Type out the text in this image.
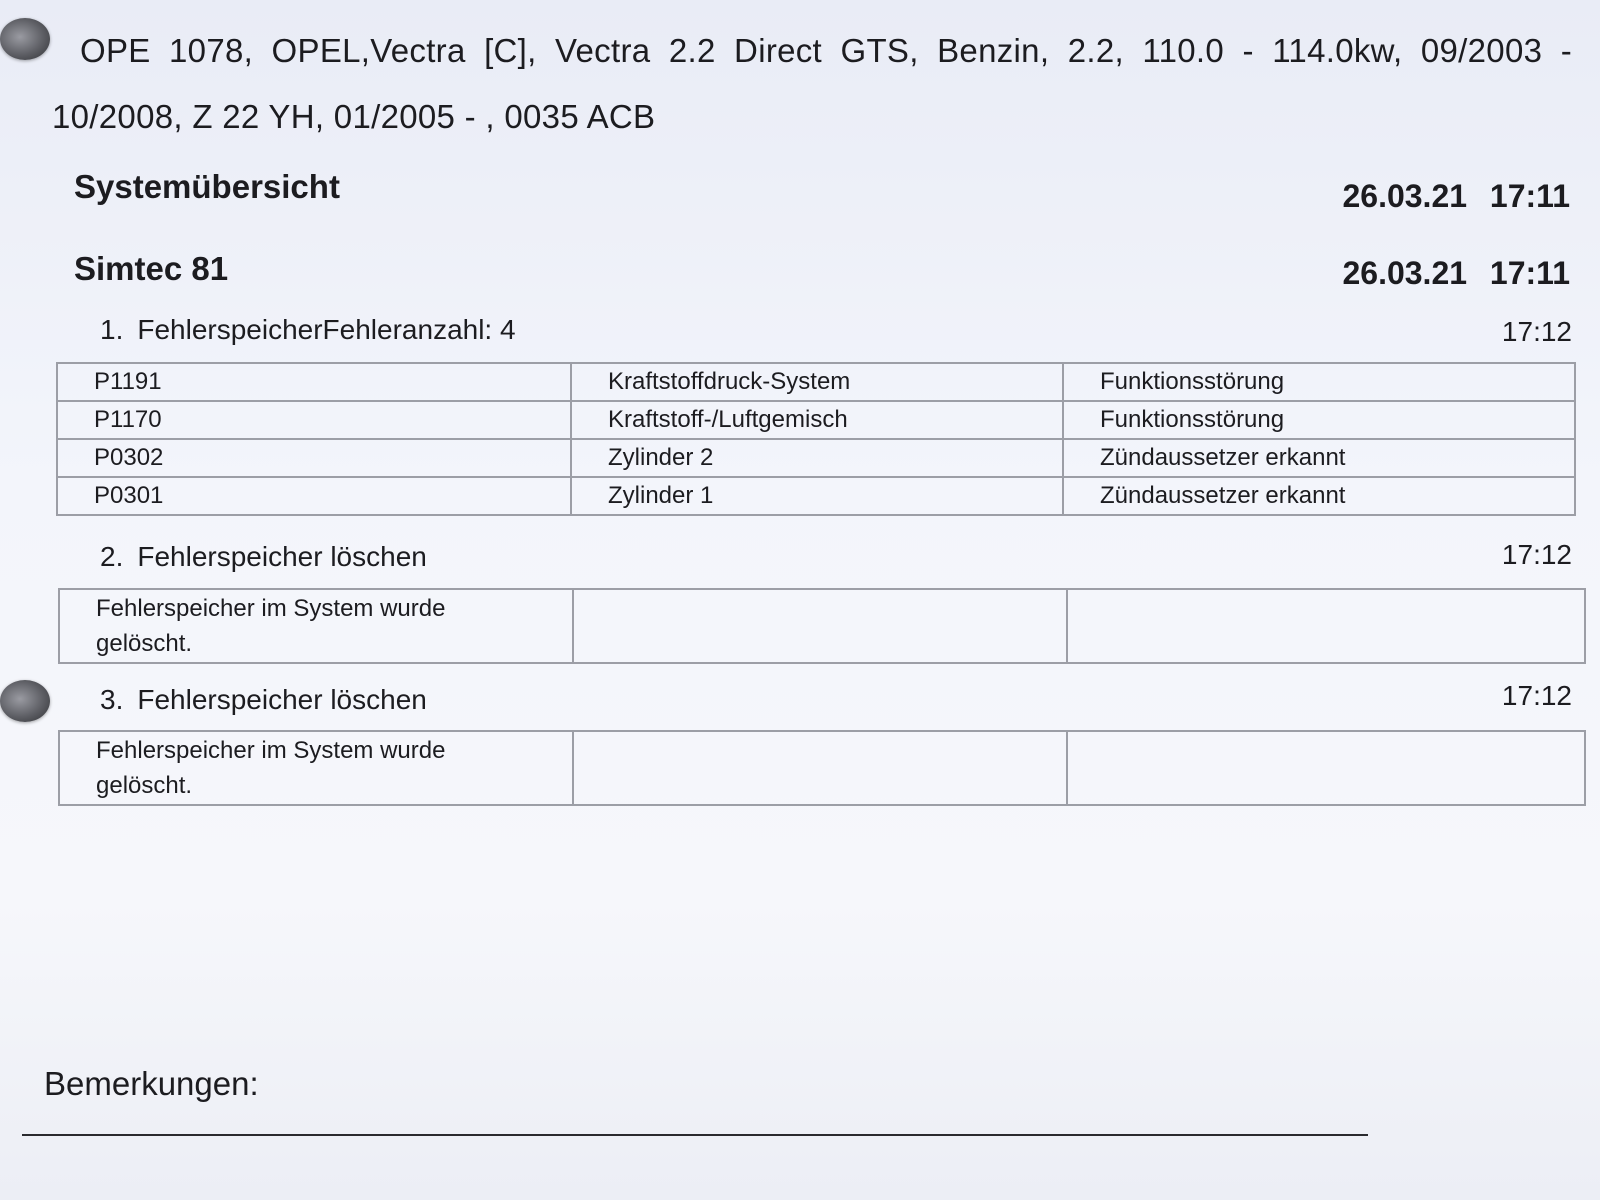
OPE 1078, OPEL,Vectra [C], Vectra 2.2 Direct GTS, Benzin, 2.2, 110.0 - 114.0kw, 09/2003 -
10/2008, Z 22 YH, 01/2005 - , 0035 ACB
Systemübersicht	26.03.21 17:11
Simtec 81	26.03.21 17:11
1. FehlerspeicherFehleranzahl: 4	17:12
P1191	Kraftstoffdruck-System	Funktionsstörung
P1170	Kraftstoff-/Luftgemisch	Funktionsstörung
P0302	Zylinder 2	Zündaussetzer erkannt
P0301	Zylinder 1	Zündaussetzer erkannt
2. Fehlerspeicher löschen	17:12
Fehlerspeicher im System wurde
gelöscht.

3. Fehlerspeicher löschen	17:12
Fehlerspeicher im System wurde
gelöscht.

Bemerkungen:
